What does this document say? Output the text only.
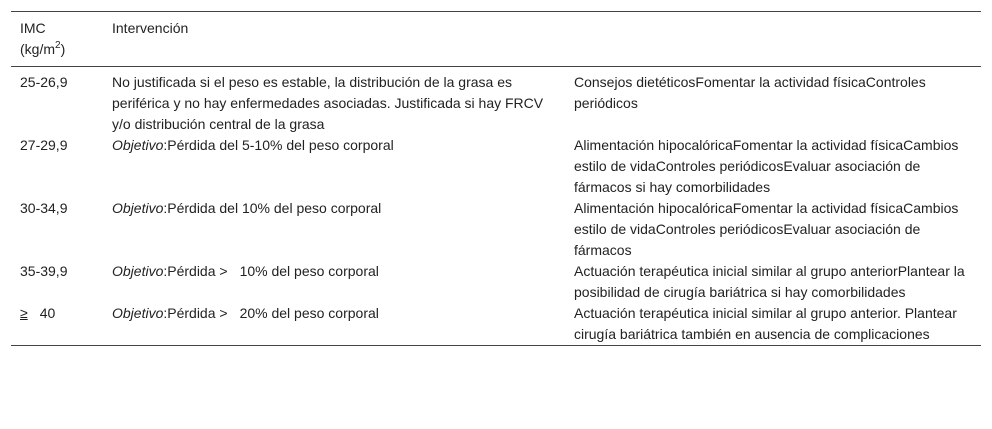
IMC
$(kg/m^2)$	Intervención	
25-26,9	No justificada si el peso es estable, la distribución de la grasa es periférica y no hay enfermedades asociadas. Justificada si hay FRCV y/o distribución central de la grasa	Consejos dietéticosFomentar la actividad físicaControles periódicos
27-29,9	Objetivo:Pérdida del 5-10% del peso corporal	Alimentación hipocalóricaFomentar la actividad físicaCambios estilo de vidaControles periódicosEvaluar asociación de fármacos si hay comorbilidades
30-34,9	Objetivo:Pérdida del 10% del peso corporal	Alimentación hipocalóricaFomentar la actividad físicaCambios estilo de vidaControles periódicosEvaluar asociación de fármacos
35-39,9	Objetivo:Pérdida > 10% del peso corporal	Actuación terapéutica inicial similar al grupo anteriorPlantear la posibilidad de cirugía bariátrica si hay comorbilidades
≥ 40	Objetivo:Pérdida > 20% del peso corporal	Actuación terapéutica inicial similar al grupo anterior. Plantear cirugía bariátrica también en ausencia de complicaciones
